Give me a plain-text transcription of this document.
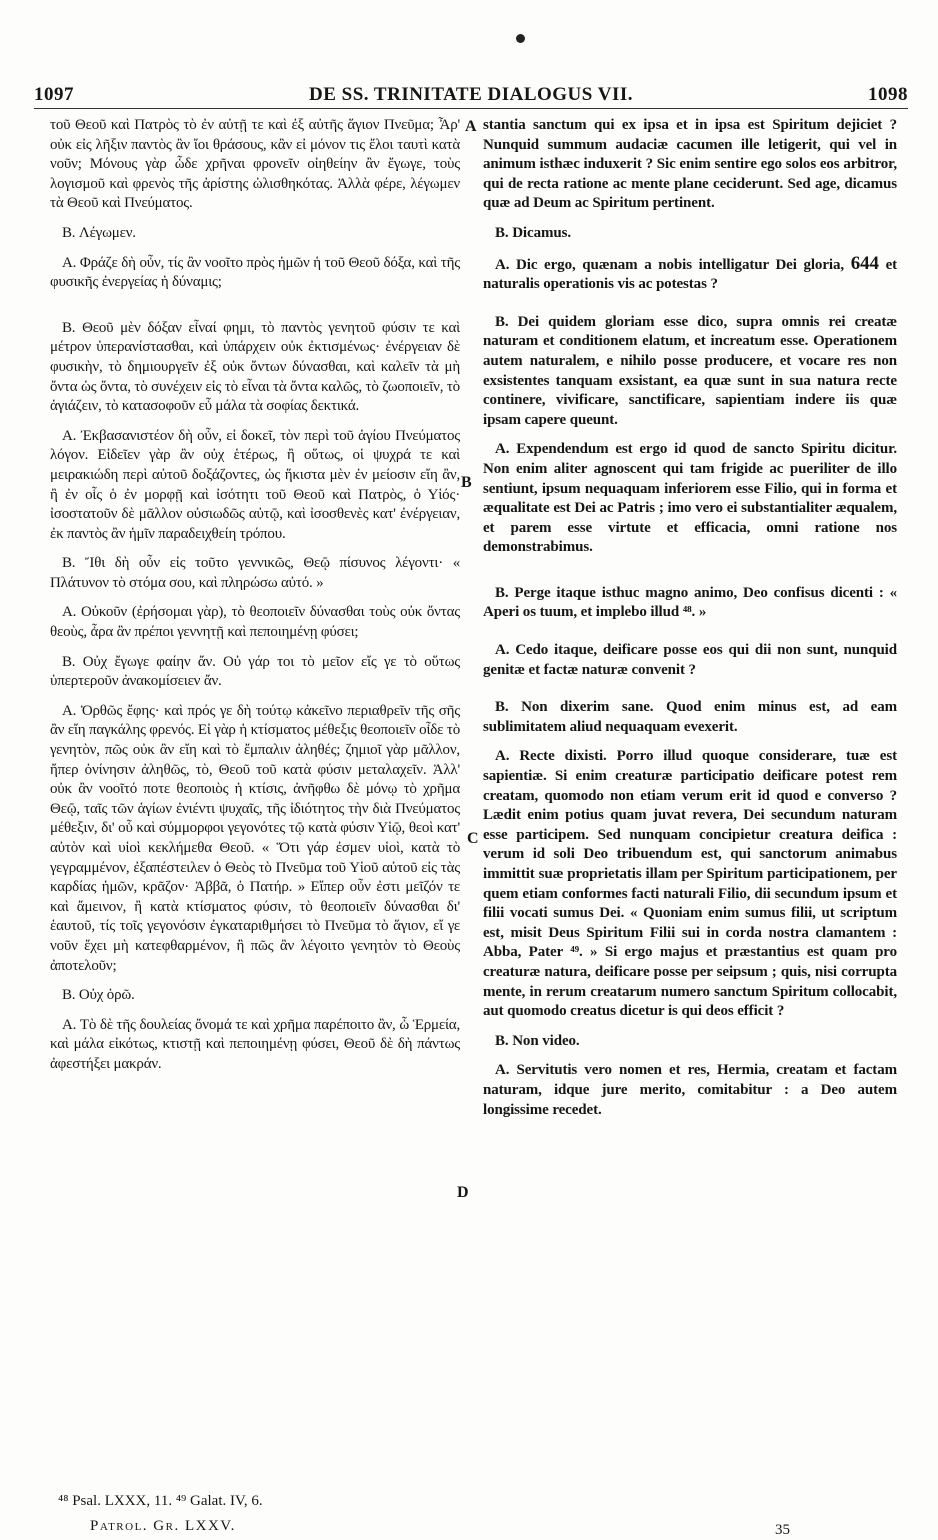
1097	DE SS. TRINITATE DIALOGUS VII.	1098
A
B
C
D

τοῦ Θεοῦ καὶ Πατρὸς τὸ ἐν αὐτῇ τε καὶ ἐξ αὐτῆς ἅγιον Πνεῦμα; Ἆρ' οὐκ εἰς λῆξιν παντὸς ἂν ἴοι θράσους, κἂν εἰ μόνον τις ἔλοι ταυτὶ κατὰ νοῦν; Μόνους γὰρ ὧδε χρῆναι φρονεῖν οἰηθείην ἂν ἔγωγε, τοὺς λογισμοῦ καὶ φρενὸς τῆς ἀρίστης ὠλισθηκότας. Ἀλλὰ φέρε, λέγωμεν τὰ Θεοῦ καὶ Πνεύματος.

B. Λέγωμεν.

A. Φράζε δὴ οὖν, τίς ἂν νοοῖτο πρὸς ἡμῶν ἡ τοῦ Θεοῦ δόξα, καὶ τῆς φυσικῆς ἐνεργείας ἡ δύναμις;

B. Θεοῦ μὲν δόξαν εἶναί φημι, τὸ παντὸς γενητοῦ φύσιν τε καὶ μέτρον ὑπερανίστασθαι, καὶ ὑπάρχειν οὐκ ἐκτισμένως· ἐνέργειαν δὲ φυσικὴν, τὸ δημιουργεῖν ἐξ οὐκ ὄντων δύνασθαι, καὶ καλεῖν τὰ μὴ ὄντα ὡς ὄντα, τὸ συνέχειν εἰς τὸ εἶναι τὰ ὄντα καλῶς, τὸ ζωοποιεῖν, τὸ ἁγιάζειν, τὸ κατασοφοῦν εὖ μάλα τὰ σοφίας δεκτικά.

A. Ἐκβασανιστέον δὴ οὖν, εἰ δοκεῖ, τὸν περὶ τοῦ ἁγίου Πνεύματος λόγον. Εἰδεῖεν γὰρ ἂν οὐχ ἑτέρως, ἢ οὕτως, οἱ ψυχρά τε καὶ μειρακιώδη περὶ αὐτοῦ δοξάζοντες, ὡς ἥκιστα μὲν ἐν μείοσιν εἴη ἂν, ἢ ἐν οἷς ὁ ἐν μορφῇ καὶ ἰσότητι τοῦ Θεοῦ καὶ Πατρὸς, ὁ Υἱός· ἰσοστατοῦν δὲ μᾶλλον οὐσιωδῶς αὐτῷ, καὶ ἰσοσθενὲς κατ' ἐνέργειαν, ἐκ παντὸς ἂν ἡμῖν παραδειχθείη τρόπου.

B. Ἴθι δὴ οὖν εἰς τοῦτο γεννικῶς, Θεῷ πίσυνος λέγοντι· « Πλάτυνον τὸ στόμα σου, καὶ πληρώσω αὐτό. »

A. Οὐκοῦν (ἐρήσομαι γὰρ), τὸ θεοποιεῖν δύνασθαι τοὺς οὐκ ὄντας θεοὺς, ἆρα ἂν πρέποι γεννητῇ καὶ πεποιημένῃ φύσει;

B. Οὐχ ἔγωγε φαίην ἄν. Οὐ γάρ τοι τὸ μεῖον εἴς γε τὸ οὕτως ὑπερτεροῦν ἀνακομίσειεν ἄν.

A. Ὀρθῶς ἔφης· καὶ πρός γε δὴ τούτῳ κἀκεῖνο περιαθρεῖν τῆς σῆς ἂν εἴη παγκάλης φρενός. Εἰ γὰρ ἡ κτίσματος μέθεξις θεοποιεῖν οἶδε τὸ γενητὸν, πῶς οὐκ ἂν εἴη καὶ τὸ ἔμπαλιν ἀληθές; ζημιοῖ γὰρ μᾶλλον, ἤπερ ὀνίνησιν ἀληθῶς, τὸ, Θεοῦ τοῦ κατὰ φύσιν μεταλαχεῖν. Ἀλλ' οὐκ ἂν νοοῖτό ποτε θεοποιὸς ἡ κτίσις, ἀνῆφθω δὲ μόνῳ τὸ χρῆμα Θεῷ, ταῖς τῶν ἁγίων ἐνιέντι ψυχαῖς, τῆς ἰδιότητος τὴν διὰ Πνεύματος μέθεξιν, δι' οὗ καὶ σύμμορφοι γεγονότες τῷ κατὰ φύσιν Υἱῷ, θεοὶ κατ' αὐτὸν καὶ υἱοὶ κεκλήμεθα Θεοῦ. « Ὅτι γάρ ἐσμεν υἱοὶ, κατὰ τὸ γεγραμμένον, ἐξαπέστειλεν ὁ Θεὸς τὸ Πνεῦμα τοῦ Υἱοῦ αὐτοῦ εἰς τὰς καρδίας ἡμῶν, κρᾶζον· Ἀββᾶ, ὁ Πατήρ. » Εἴπερ οὖν ἐστι μεῖζόν τε καὶ ἄμεινον, ἢ κατὰ κτίσματος φύσιν, τὸ θεοποιεῖν δύνασθαι δι' ἑαυτοῦ, τίς τοῖς γεγονόσιν ἐγκαταριθμήσει τὸ Πνεῦμα τὸ ἅγιον, εἴ γε νοῦν ἔχει μὴ κατεφθαρμένον, ἢ πῶς ἂν λέγοιτο γενητὸν τὸ Θεοὺς ἀποτελοῦν;

B. Οὐχ ὁρῶ.

A. Τὸ δὲ τῆς δουλείας ὄνομά τε καὶ χρῆμα παρέποιτο ἂν, ὦ Ἑρμεία, καὶ μάλα εἰκότως, κτιστῇ καὶ πεποιημένῃ φύσει, Θεοῦ δὲ δὴ πάντως ἀφεστήξει μακράν.

stantia sanctum qui ex ipsa et in ipsa est Spiritum dejiciet ? Nunquid summum audaciæ cacumen ille letigerit, qui vel in animum isthæc induxerit ? Sic enim sentire ego solos eos arbitror, qui de recta ratione ac mente plane ceciderunt. Sed age, dicamus quæ ad Deum ac Spiritum pertinent.

B. Dicamus.

A. Dic ergo, quænam a nobis intelligatur Dei gloria, 644 et naturalis operationis vis ac potestas ?

B. Dei quidem gloriam esse dico, supra omnis rei creatæ naturam et conditionem elatum, et increatum esse. Operationem autem naturalem, e nihilo posse producere, et vocare res non exsistentes tanquam exsistant, ea quæ sunt in sua natura recte continere, vivificare, sanctificare, sapientiam indere iis quæ ipsam capere queunt.

A. Expendendum est ergo id quod de sancto Spiritu dicitur. Non enim aliter agnoscent qui tam frigide ac pueriliter de illo sentiunt, ipsum nequaquam inferiorem esse Filio, qui in forma et æqualitate est Dei ac Patris ; imo vero ei substantialiter æqualem, et parem esse virtute et efficacia, omni ratione nos demonstrabimus.

B. Perge itaque isthuc magno animo, Deo confisus dicenti : « Aperi os tuum, et implebo illud ⁴⁸. »

A. Cedo itaque, deificare posse eos qui dii non sunt, nunquid genitæ et factæ naturæ convenit ?

B. Non dixerim sane. Quod enim minus est, ad eam sublimitatem aliud nequaquam evexerit.

A. Recte dixisti. Porro illud quoque considerare, tuæ est sapientiæ. Si enim creaturæ participatio deificare potest rem creatam, quomodo non etiam verum erit id quod e converso ? Lædit enim potius quam juvat revera, Dei secundum naturam esse participem. Sed nunquam concipietur creatura deifica : verum id soli Deo tribuendum est, qui sanctorum animabus immittit suæ proprietatis illam per Spiritum participationem, per quem etiam conformes facti naturali Filio, dii secundum ipsum et filii vocati sumus Dei. « Quoniam enim sumus filii, ut scriptum est, misit Deus Spiritum Filii sui in corda nostra clamantem : Abba, Pater ⁴⁹. » Si ergo majus et præstantius est quam pro creaturæ natura, deificare posse per seipsum ; quis, nisi corrupta mente, in rerum creatarum numero sanctum Spiritum collocabit, aut quomodo creatus dicetur is qui deos efficit ?

B. Non video.

A. Servitutis vero nomen et res, Hermia, creatam et factam naturam, idque jure merito, comitabitur : a Deo autem longissime recedet.

⁴⁸ Psal. LXXX, 11. ⁴⁹ Galat. IV, 6.
Patrol. Gr. LXXV.	35
